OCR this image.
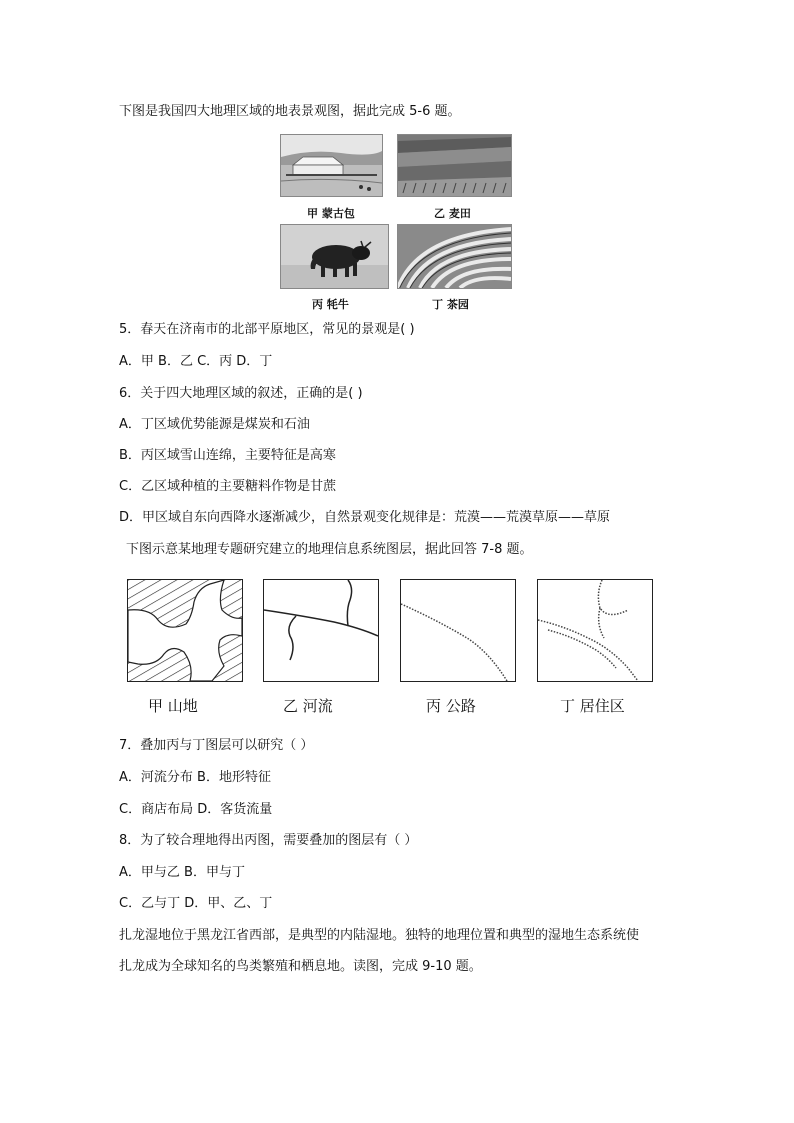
下图是我国四大地理区域的地表景观图，据此完成 5-6 题。
甲 蒙古包	乙 麦田
丙 牦牛	丁 茶园
5．春天在济南市的北部平原地区，常见的景观是( )
A．甲 B．乙 C．丙 D．丁
6．关于四大地理区域的叙述，正确的是( )
A．丁区域优势能源是煤炭和石油
B．丙区域雪山连绵，主要特征是高寒
C．乙区域种植的主要糖料作物是甘蔗
D．甲区域自东向西降水逐渐减少，自然景观变化规律是：荒漠——荒漠草原——草原
下图示意某地理专题研究建立的地理信息系统图层，据此回答 7-8 题。
甲 山地	乙 河流	丙 公路	丁 居住区
7．叠加丙与丁图层可以研究（ ）
A．河流分布 B．地形特征
C．商店布局 D．客货流量
8．为了较合理地得出丙图，需要叠加的图层有（ ）
A．甲与乙 B．甲与丁
C．乙与丁 D．甲、乙、丁
扎龙湿地位于黑龙江省西部，是典型的内陆湿地。独特的地理位置和典型的湿地生态系统使
扎龙成为全球知名的鸟类繁殖和栖息地。读图，完成 9-10 题。
